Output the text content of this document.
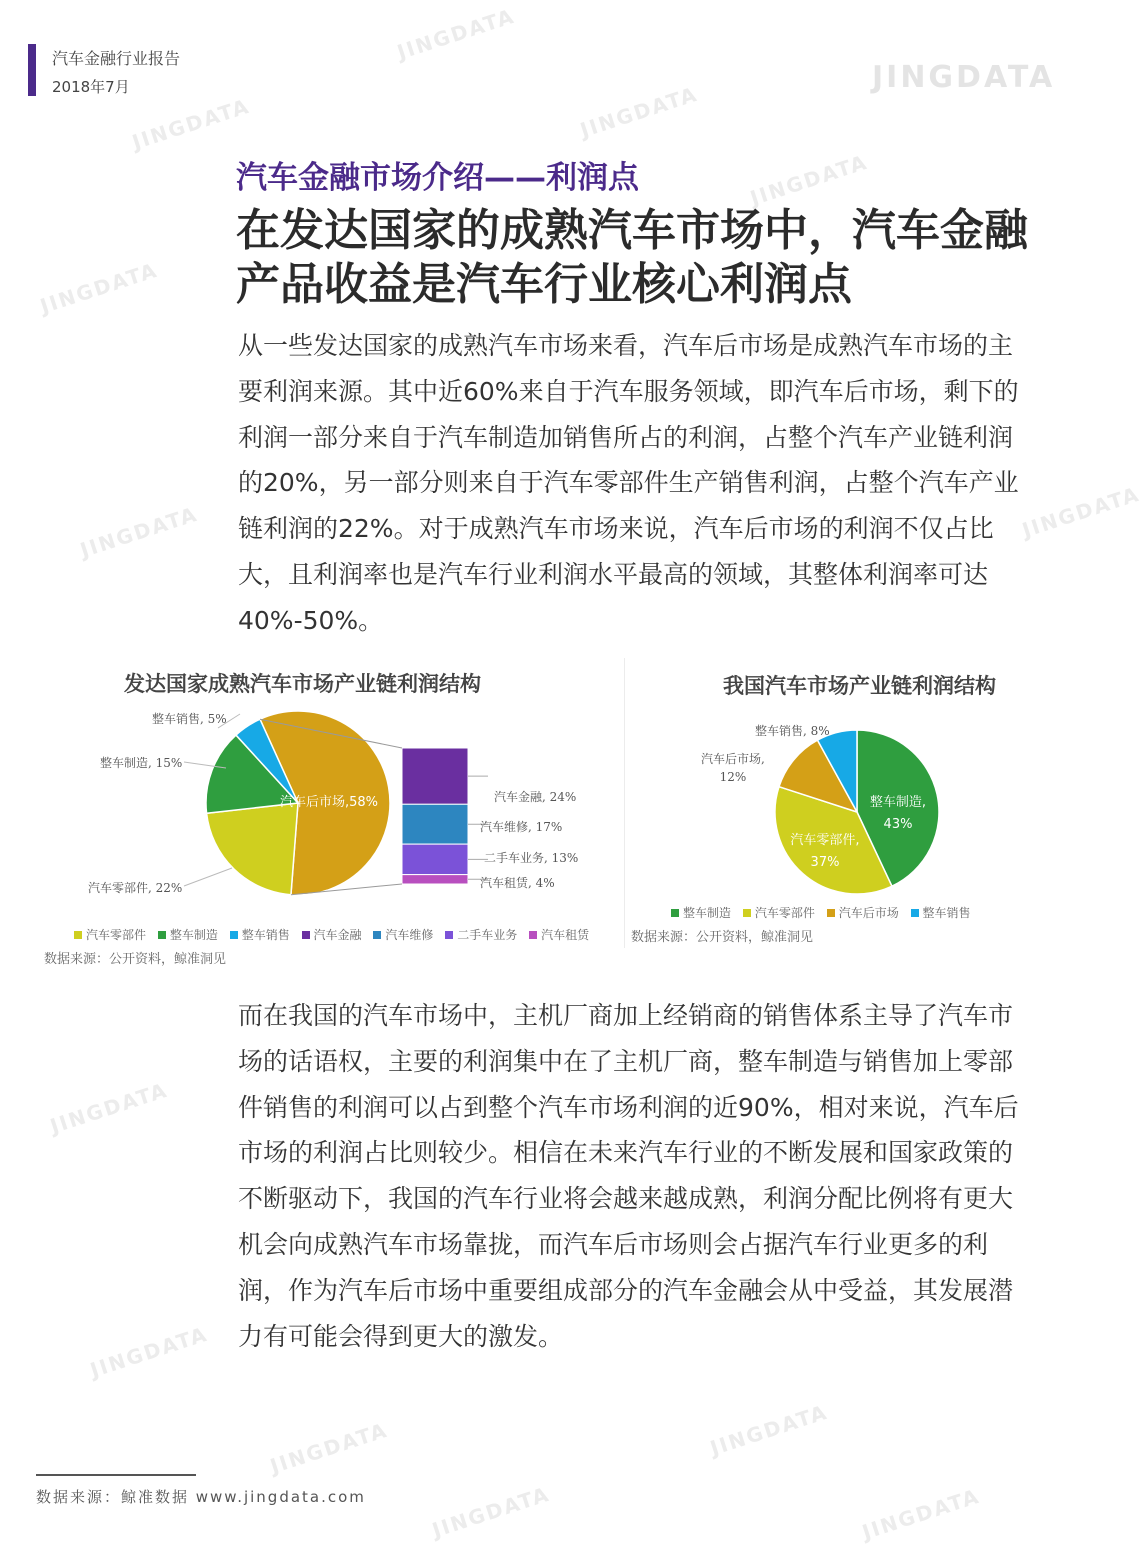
JINGDATA
JINGDATA
JINGDATA	JINGDATA
JINGDATA
JINGDATA
JINGDATA	JINGDATA
JINGDATA
JINGDATA
JINGDATA	JINGDATA
JINGDATA	JINGDATA
汽车金融行业报告
2018年7月
汽车金融市场介绍——利润点
在发达国家的成熟汽车市场中，汽车金融产品收益是汽车行业核心利润点
从一些发达国家的成熟汽车市场来看，汽车后市场是成熟汽车市场的主要利润来源。其中近60%来自于汽车服务领域，即汽车后市场，剩下的利润一部分来自于汽车制造加销售所占的利润，占整个汽车产业链利润的20%，另一部分则来自于汽车零部件生产销售利润，占整个汽车产业链利润的22%。对于成熟汽车市场来说，汽车后市场的利润不仅占比大，且利润率也是汽车行业利润水平最高的领域，其整体利润率可达40%-50%。
发达国家成熟汽车市场产业链利润结构
汽车后市场,58%
汽车零部件, 22%
整车制造, 15%
整车销售, 5%
汽车金融, 24%
汽车维修, 17%
二手车业务, 13%
汽车租赁, 4%
汽车零部件 整车制造 整车销售 汽车金融 汽车维修 二手车业务 汽车租赁
数据来源：公开资料，鲸准洞见
我国汽车市场产业链利润结构
整车制造,
43%
汽车零部件,
37%
汽车后市场,
12%
整车销售, 8%
整车制造 汽车零部件 汽车后市场 整车销售
数据来源：公开资料，鲸准洞见
而在我国的汽车市场中，主机厂商加上经销商的销售体系主导了汽车市场的话语权，主要的利润集中在了主机厂商，整车制造与销售加上零部件销售的利润可以占到整个汽车市场利润的近90%，相对来说，汽车后市场的利润占比则较少。相信在未来汽车行业的不断发展和国家政策的不断驱动下，我国的汽车行业将会越来越成熟，利润分配比例将有更大机会向成熟汽车市场靠拢，而汽车后市场则会占据汽车行业更多的利润，作为汽车后市场中重要组成部分的汽车金融会从中受益，其发展潜力有可能会得到更大的激发。
数据来源：鲸准数据 www.jingdata.com
